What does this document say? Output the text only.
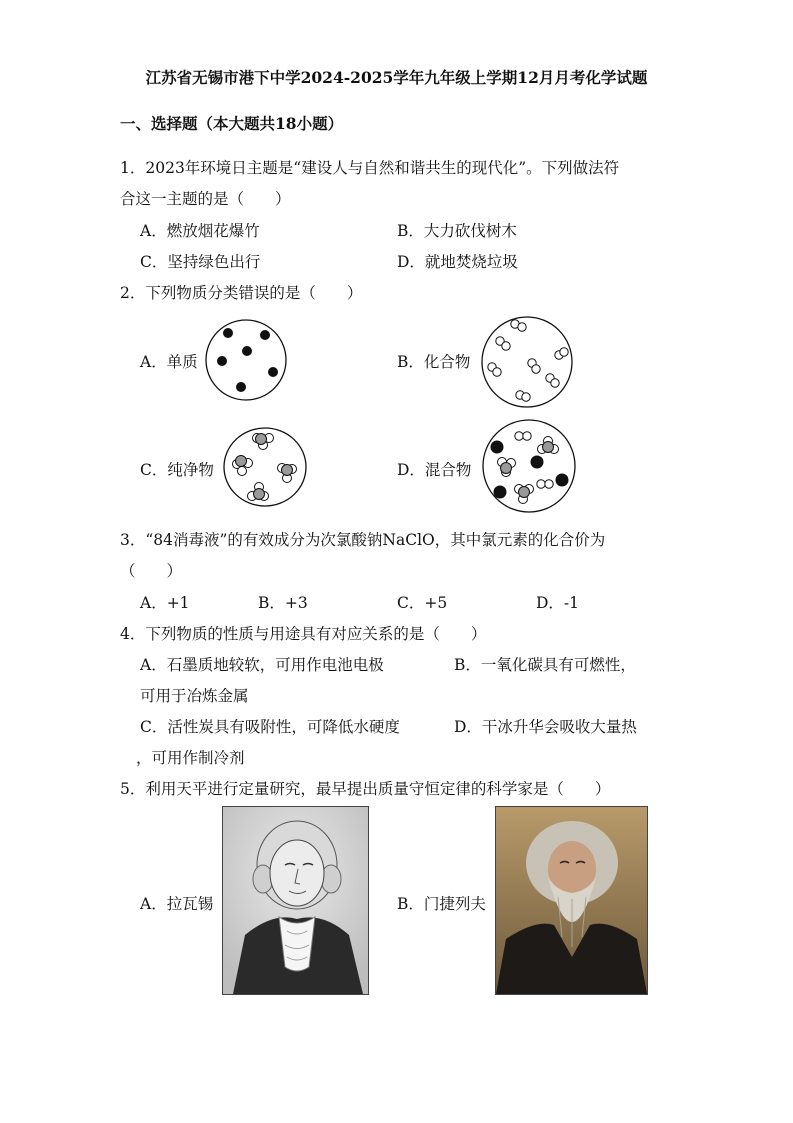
江苏省无锡市港下中学2024-2025学年九年级上学期12月月考化学试题
一、选择题（本大题共18小题）
1．2023年环境日主题是“建设人与自然和谐共生的现代化”。下列做法符
合这一主题的是（　　）
A．燃放烟花爆竹	B．大力砍伐树木
C．坚持绿色出行	D．就地焚烧垃圾
2．下列物质分类错误的是（　　）
A．单质	B．化合物
C．纯净物	D．混合物
3．“84消毒液”的有效成分为次氯酸钠NaClO，其中氯元素的化合价为
（　　）
A．+1	B．+3	C．+5	D．-1
4．下列物质的性质与用途具有对应关系的是（　　）
A．石墨质地较软，可用作电池电极	B．一氧化碳具有可燃性，
可用于冶炼金属
C．活性炭具有吸附性，可降低水硬度	D．干冰升华会吸收大量热
，可用作制冷剂
5．利用天平进行定量研究，最早提出质量守恒定律的科学家是（　　）
A．拉瓦锡	B．门捷列夫
